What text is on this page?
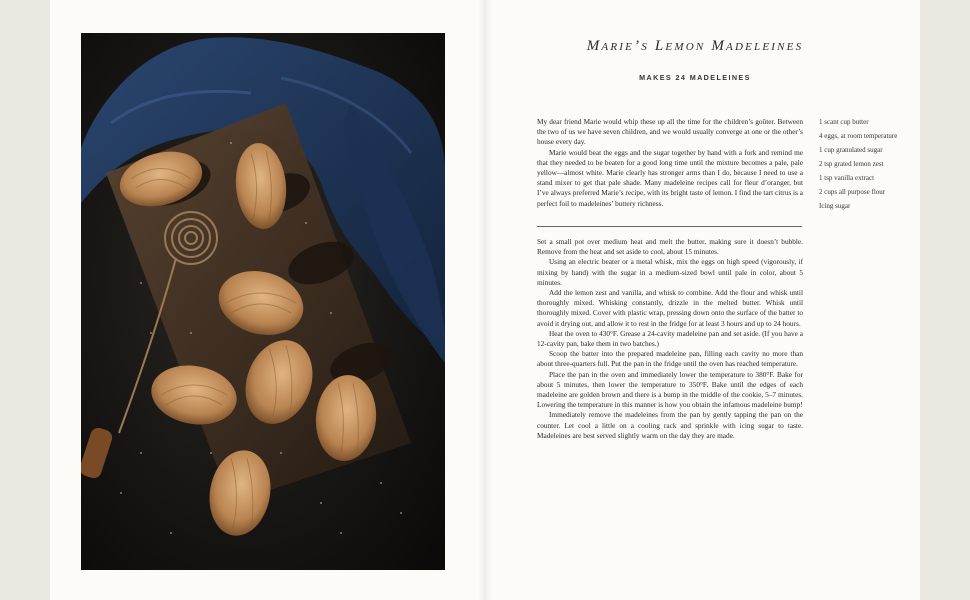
Marie’s Lemon Madeleines
MAKES 24 MADELEINES

My dear friend Marie would whip these up all the time for the children’s goûter. Between the two of us we have seven children, and we would usually converge at one or the other’s house every day.

Marie would beat the eggs and the sugar together by hand with a fork and remind me that they needed to be beaten for a good long time until the mixture becomes a pale, pale yellow—almost white. Marie clearly has stronger arms than I do, because I need to use a stand mixer to get that pale shade. Many madeleine recipes call for fleur d’oranger, but I’ve always preferred Marie’s recipe, with its bright taste of lemon. I find the tart citrus is a perfect foil to madeleines’ buttery richness.

1 scant cup butter
4 eggs, at room temperature
1 cup granulated sugar
2 tsp grated lemon zest
1 tsp vanilla extract
2 cups all purpose flour
Icing sugar

Set a small pot over medium heat and melt the butter, making sure it doesn’t bubble. Remove from the heat and set aside to cool, about 15 minutes.

Using an electric beater or a metal whisk, mix the eggs on high speed (vigorously, if mixing by hand) with the sugar in a medium-sized bowl until pale in color, about 5 minutes.

Add the lemon zest and vanilla, and whisk to combine. Add the flour and whisk until thoroughly mixed. Whisking constantly, drizzle in the melted butter. Whisk until thoroughly mixed. Cover with plastic wrap, pressing down onto the surface of the batter to avoid it drying out, and allow it to rest in the fridge for at least 3 hours and up to 24 hours.

Heat the oven to 430°F. Grease a 24-cavity madeleine pan and set aside. (If you have a 12-cavity pan, bake them in two batches.)

Scoop the batter into the prepared madeleine pan, filling each cavity no more than about three-quarters full. Put the pan in the fridge until the oven has reached temperature.

Place the pan in the oven and immediately lower the temperature to 380°F. Bake for about 5 minutes, then lower the temperature to 350°F. Bake until the edges of each madeleine are golden brown and there is a bump in the middle of the cookie, 5–7 minutes. Lowering the temperature in this manner is how you obtain the infamous madeleine bump!

Immediately remove the madeleines from the pan by gently tapping the pan on the counter. Let cool a little on a cooling rack and sprinkle with icing sugar to taste. Madeleines are best served slightly warm on the day they are made.
